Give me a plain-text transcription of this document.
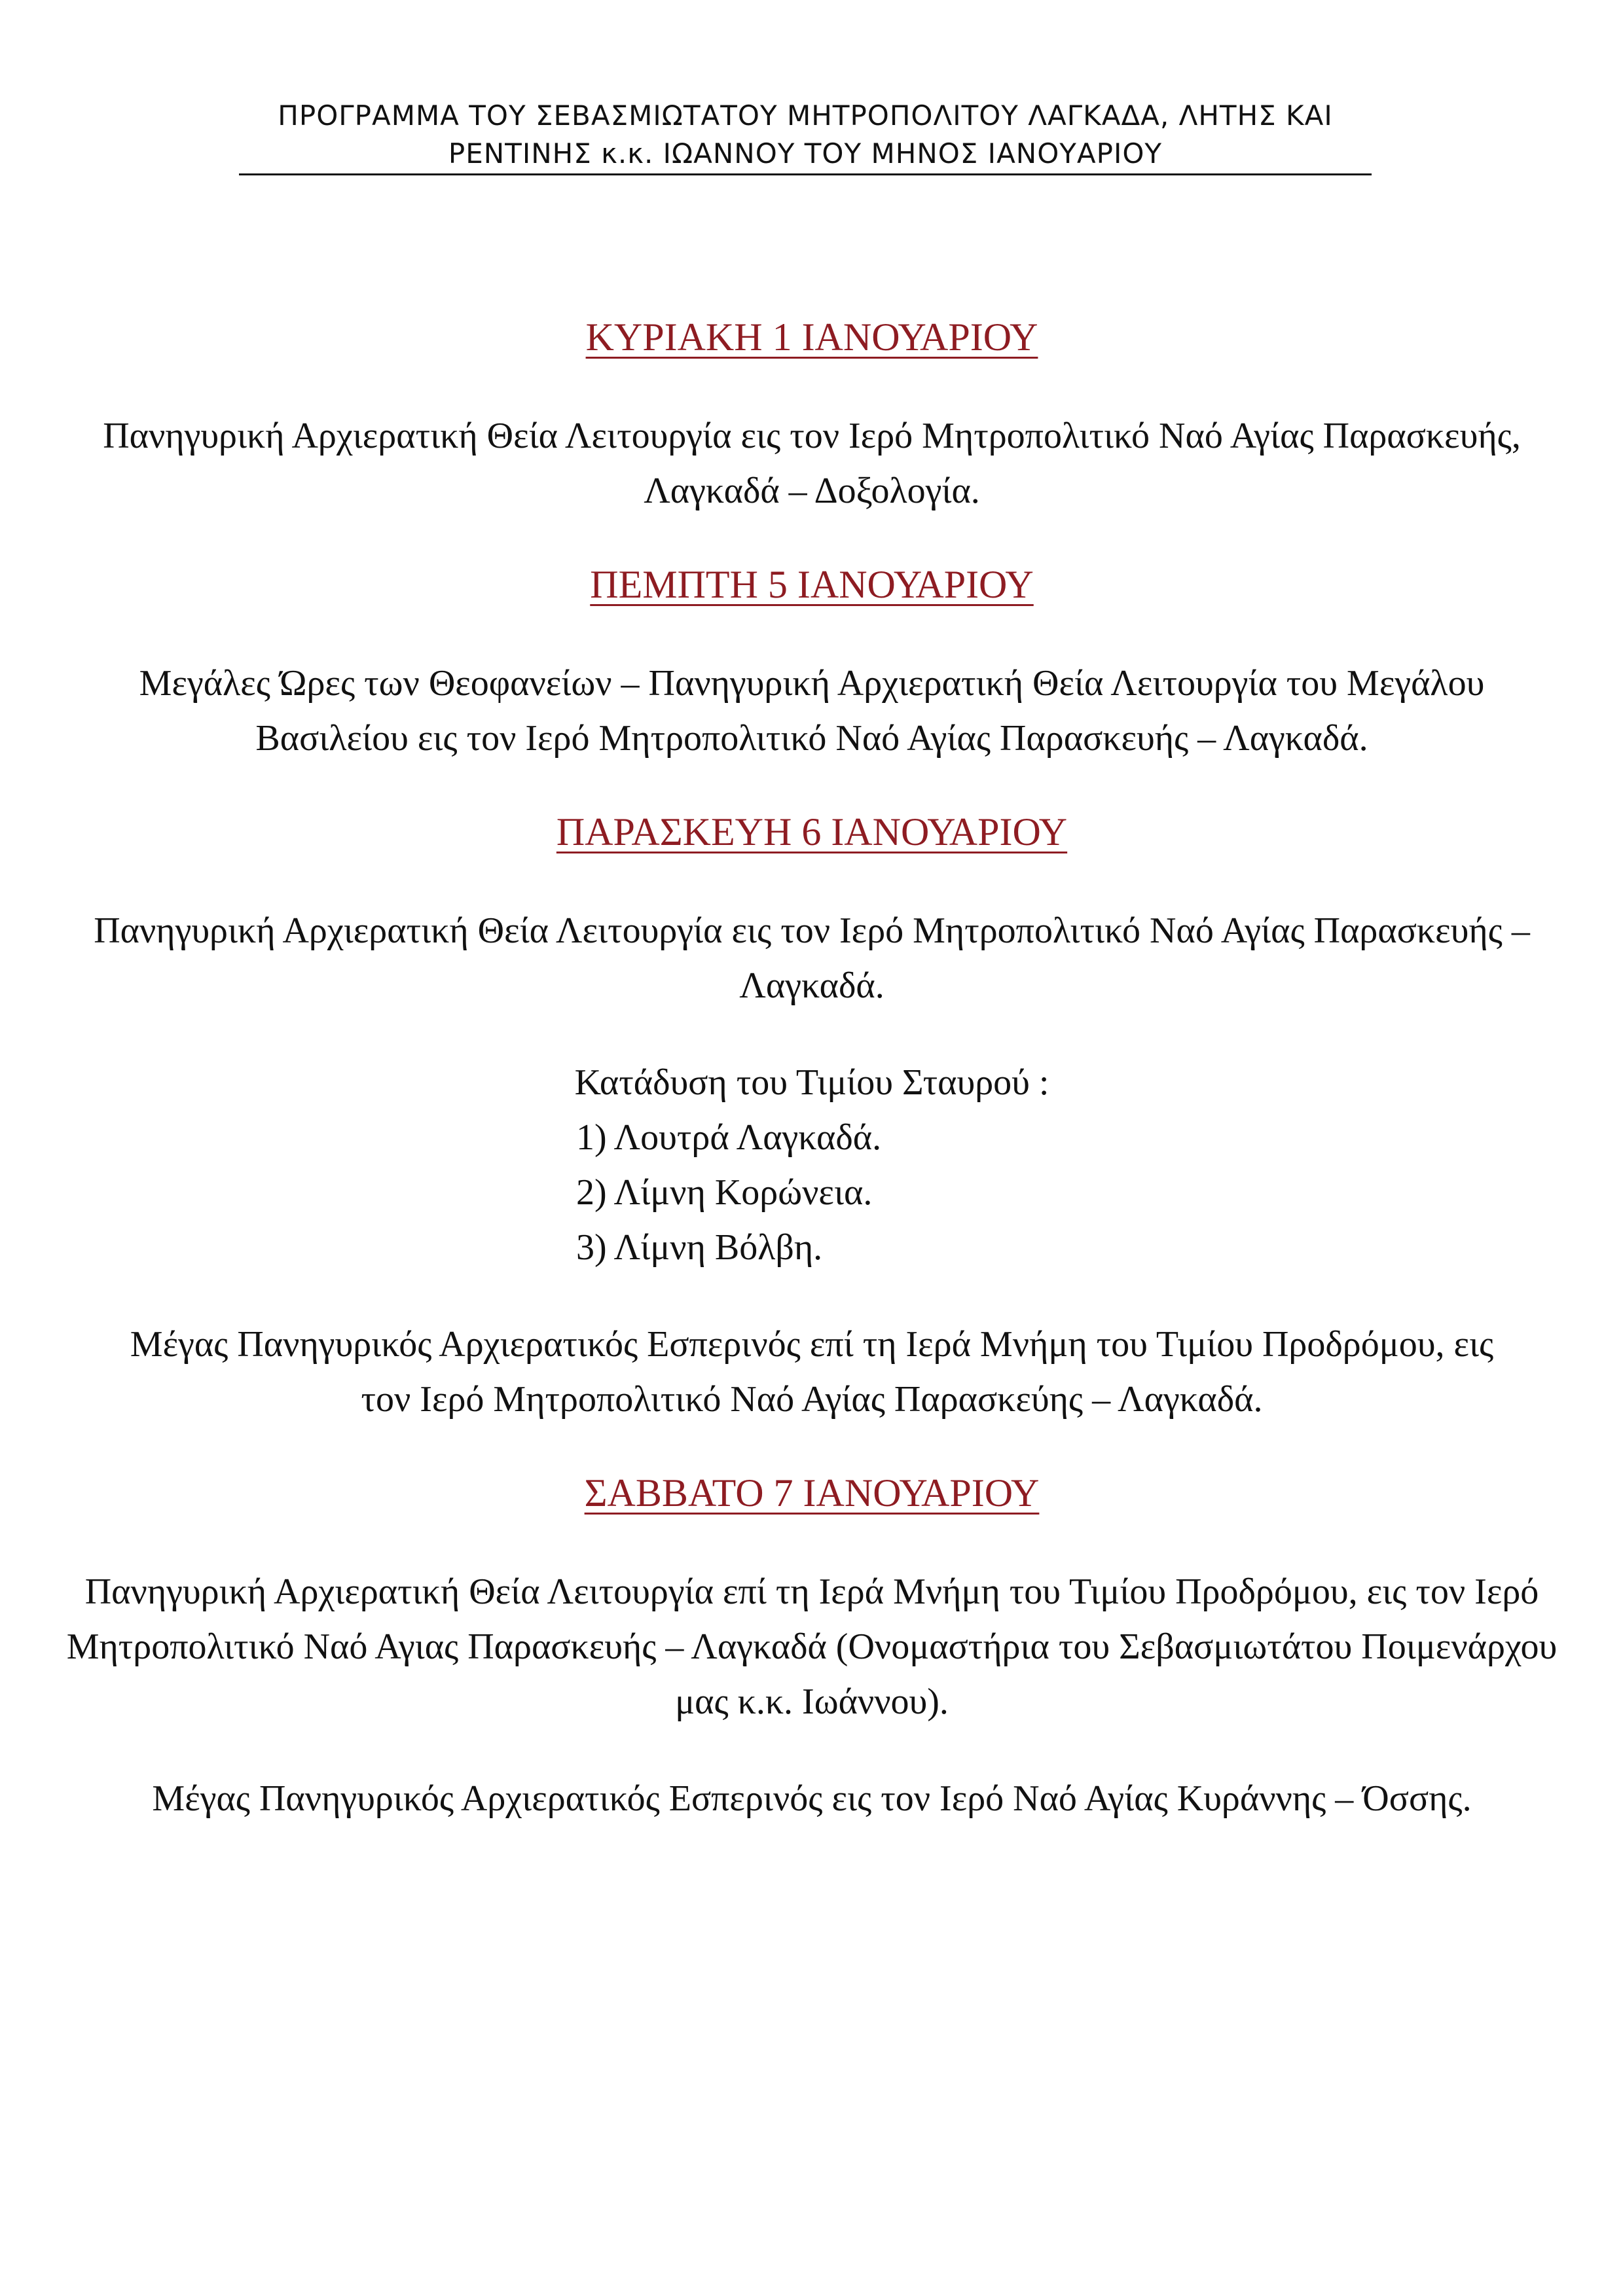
ΠΡΟΓΡΑΜΜΑ ΤΟΥ ΣΕΒΑΣΜΙΩΤΑΤΟΥ ΜΗΤΡΟΠΟΛΙΤΟΥ ΛΑΓΚΑΔΑ, ΛΗΤΗΣ ΚΑΙ
ΡΕΝΤΙΝΗΣ κ.κ. ΙΩΑΝΝΟΥ ΤΟΥ ΜΗΝΟΣ ΙΑΝΟΥΑΡΙΟΥ
ΚΥΡΙΑΚΗ 1 ΙΑΝΟΥΑΡΙΟΥ

Πανηγυρική Αρχιερατική Θεία Λειτουργία εις τον Ιερό Μητροπολιτικό Ναό Αγίας Παρασκευής, Λαγκαδά – Δοξολογία.

ΠΕΜΠΤΗ 5 ΙΑΝΟΥΑΡΙΟΥ

Μεγάλες Ώρες των Θεοφανείων – Πανηγυρική Αρχιερατική Θεία Λειτουργία του Μεγάλου Βασιλείου εις τον Ιερό Μητροπολιτικό Ναό Αγίας Παρασκευής – Λαγκαδά.

ΠΑΡΑΣΚΕΥΗ 6 ΙΑΝΟΥΑΡΙΟΥ

Πανηγυρική Αρχιερατική Θεία Λειτουργία εις τον Ιερό Μητροπολιτικό Ναό Αγίας Παρασκευής – Λαγκαδά.

Κατάδυση του Τιμίου Σταυρού :
1) Λουτρά Λαγκαδά.
2) Λίμνη Κορώνεια.
3) Λίμνη Βόλβη.

Μέγας Πανηγυρικός Αρχιερατικός Εσπερινός επί τη Ιερά Μνήμη του Τιμίου Προδρόμου, εις τον Ιερό Μητροπολιτικό Ναό Αγίας Παρασκεύης – Λαγκαδά.

ΣΑΒΒΑΤΟ 7 ΙΑΝΟΥΑΡΙΟΥ

Πανηγυρική Αρχιερατική Θεία Λειτουργία επί τη Ιερά Μνήμη του Τιμίου Προδρόμου, εις τον Ιερό Μητροπολιτικό Ναό Αγιας Παρασκευής – Λαγκαδά (Ονομαστήρια του Σεβασμιωτάτου Ποιμενάρχου μας κ.κ. Ιωάννου).

Μέγας Πανηγυρικός Αρχιερατικός Εσπερινός εις τον Ιερό Ναό Αγίας Κυράννης – Όσσης.
